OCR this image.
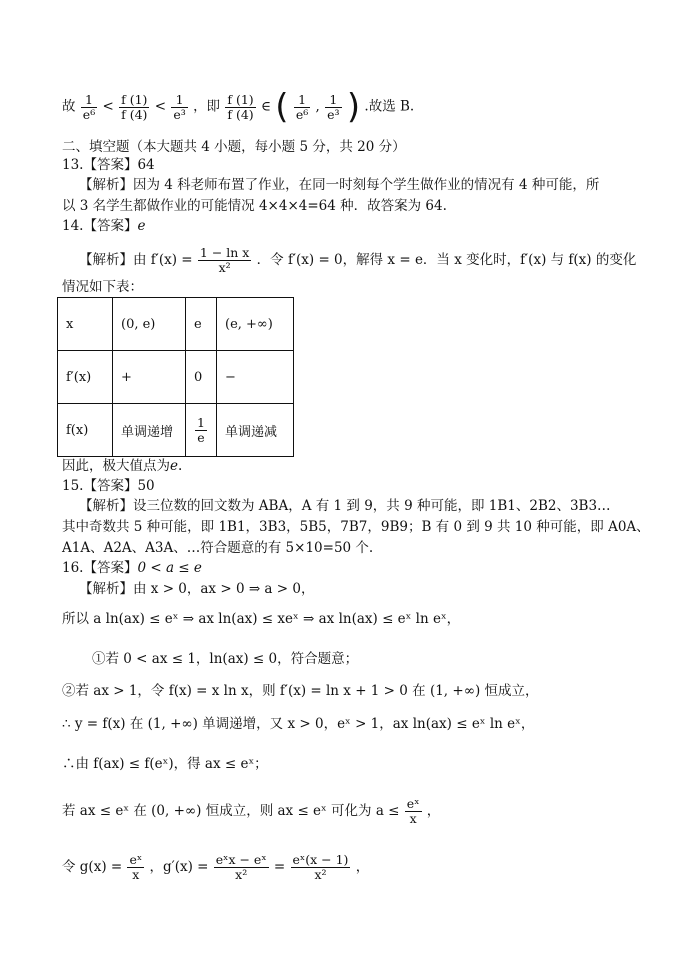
故 $\frac{1}{\text{e⁶}} < \frac{f (1)}{f (4)} < \frac{1}{\text{e³}}$ ，即 $\frac{f (1)}{f (4)}$ ∈ ( $\frac{1}{\text{e⁶}}$ , $\frac{1}{\text{e³}}$ ) .故选 B.
二、填空题（本大题共 4 小题，每小题 5 分，共 20 分）
13.【答案】64
【解析】因为 4 科老师布置了作业，在同一时刻每个学生做作业的情况有 4 种可能，所
以 3 名学生都做作业的可能情况 4×4×4=64 种．故答案为 64.
14.【答案】e
【解析】由 $f'(x) = \frac{\text{1 − ln x}}{\text{x²}}$ ．令 f′(x) = 0，解得 x = e．当 x 变化时，f′(x) 与 f(x) 的变化
情况如下表：
x	(0, e)	e	(e, +∞)
f′(x)	+	0	−
f(x)	单调递增	$\frac{1}{e}$	单调递减
因此，极大值点为e.
15.【答案】50
【解析】设三位数的回文数为 ABA，A 有 1 到 9，共 9 种可能，即 1B1、2B2、3B3…
其中奇数共 5 种可能，即 1B1，3B3，5B5，7B7，9B9；B 有 0 到 9 共 10 种可能，即 A0A、
A1A、A2A、A3A、…符合题意的有 5×10=50 个.
16.【答案】0 < a ≤ e
【解析】由 x > 0，ax > 0 ⇒ a > 0，
所以 a ln(ax) ≤ eˣ ⇒ ax ln(ax) ≤ xeˣ ⇒ ax ln(ax) ≤ eˣ ln eˣ，
①若 0 < ax ≤ 1，ln(ax) ≤ 0，符合题意；
②若 ax > 1，令 f(x) = x ln x，则 f′(x) = ln x + 1 > 0 在 (1, +∞) 恒成立，
∴ y = f(x) 在 (1, +∞) 单调递增，又 x > 0，eˣ > 1，ax ln(ax) ≤ eˣ ln eˣ，
∴由 f(ax) ≤ f(eˣ)，得 ax ≤ eˣ；
若 ax ≤ eˣ 在 (0, +∞) 恒成立，则 ax ≤ eˣ 可化为 $a \le \frac{\text{eˣ}}{x}$ ，
令 $g(x) = \frac{\text{eˣ}}{x}$ ，$g'(x) = \frac{\text{eˣx − eˣ}}{\text{x²}} = \frac{\text{eˣ(x − 1)}}{\text{x²}}$ ，
